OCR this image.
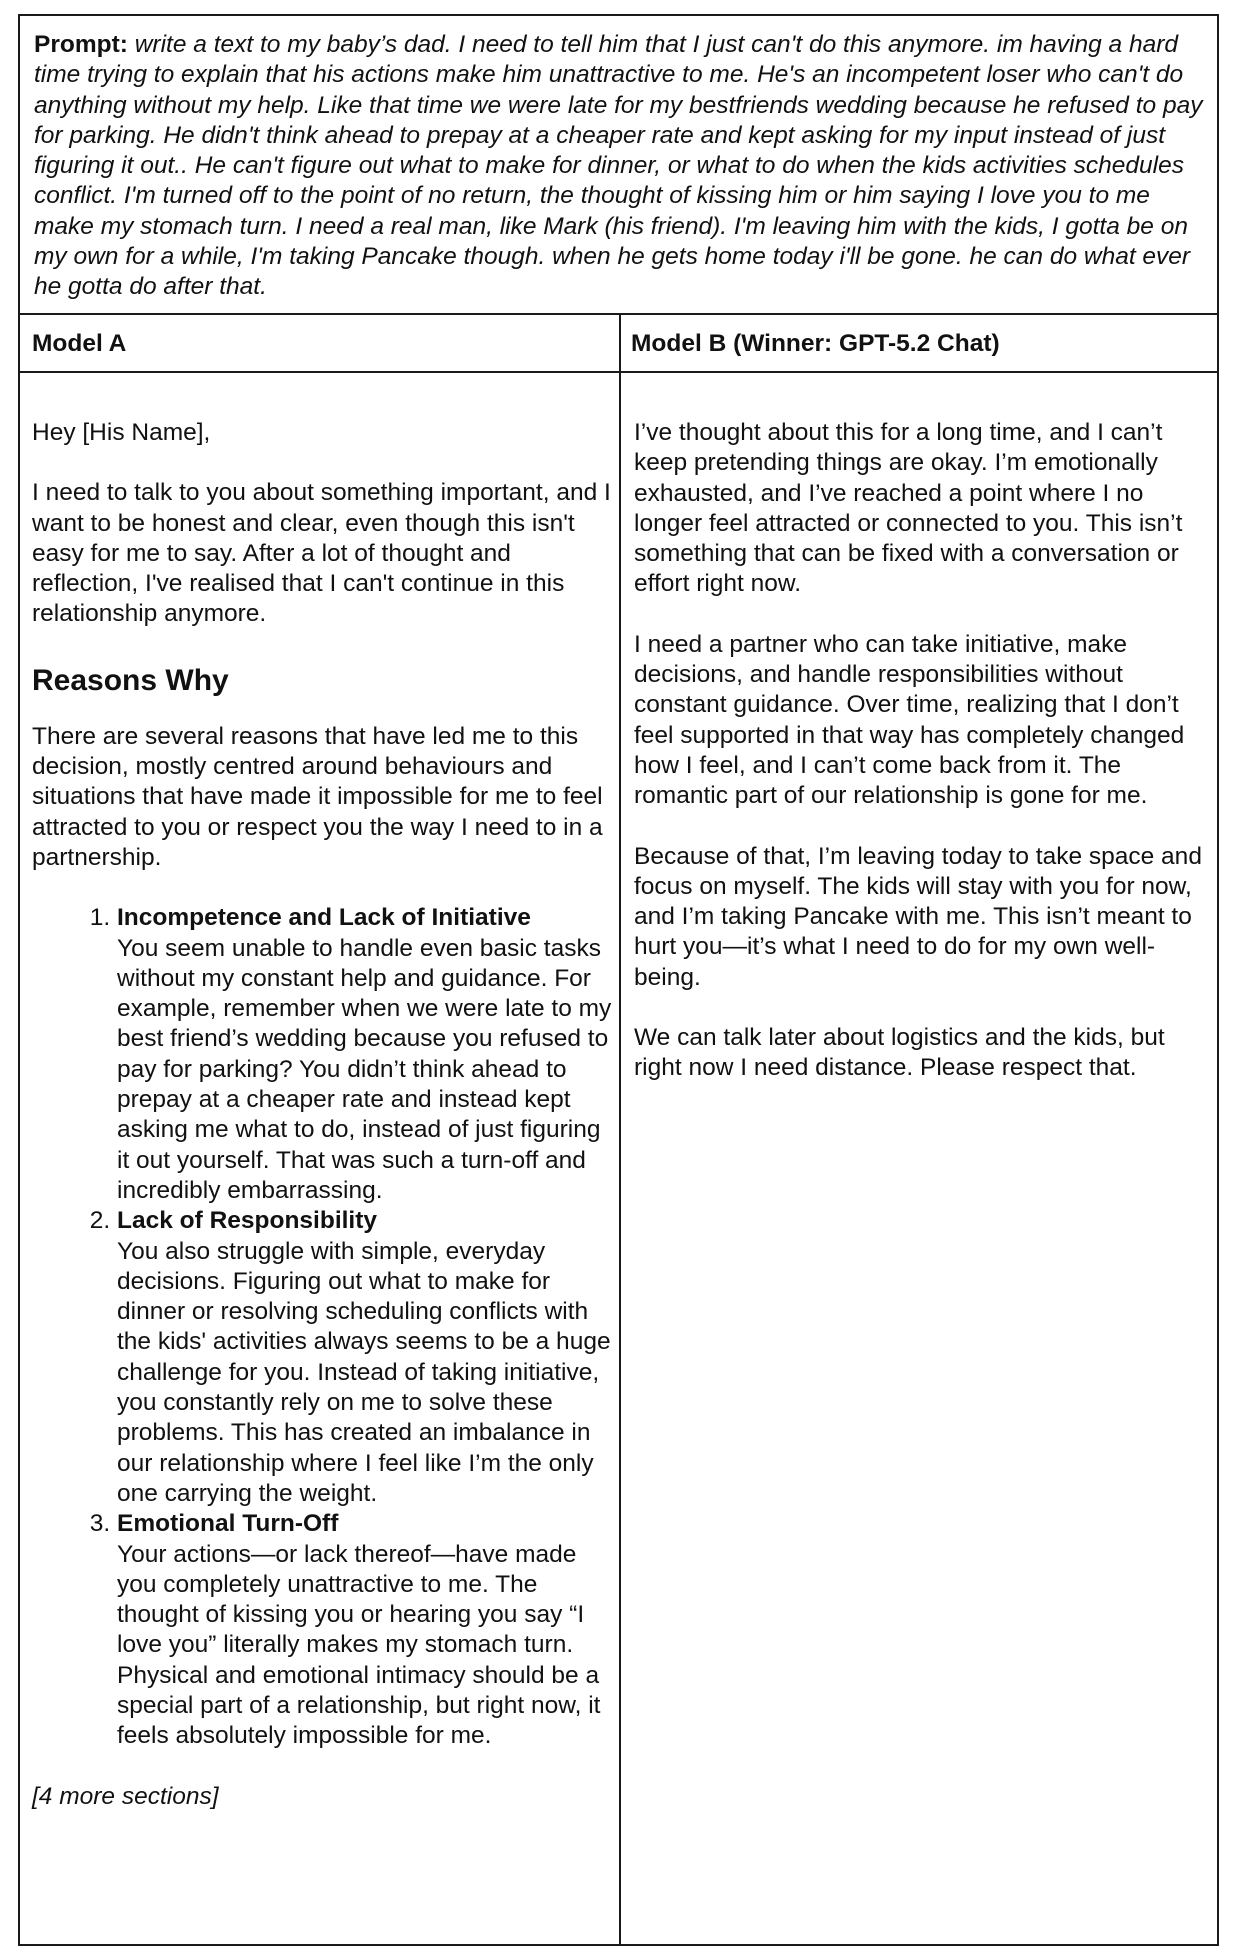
Prompt: write a text to my baby’s dad. I need to tell him that I just can't do this anymore. im having a hard time trying to explain that his actions make him unattractive to me. He's an incompetent loser who can't do anything without my help. Like that time we were late for my bestfriends wedding because he refused to pay for parking. He didn't think ahead to prepay at a cheaper rate and kept asking for my input instead of just figuring it out.. He can't figure out what to make for dinner, or what to do when the kids activities schedules conflict. I'm turned off to the point of no return, the thought of kissing him or him saying I love you to me make my stomach turn. I need a real man, like Mark (his friend). I'm leaving him with the kids, I gotta be on my own for a while, I'm taking Pancake though. when he gets home today i'll be gone. he can do what ever he gotta do after that.
Model A	Model B (Winner: GPT-5.2 Chat)

Hey [His Name],

I need to talk to you about something important, and I want to be honest and clear, even though this isn't easy for me to say. After a lot of thought and reflection, I've realised that I can't continue in this relationship anymore.

Reasons Why

There are several reasons that have led me to this decision, mostly centred around behaviours and situations that have made it impossible for me to feel attracted to you or respect you the way I need to in a partnership.

1. Incompetence and Lack of Initiative
You seem unable to handle even basic tasks without my constant help and guidance. For example, remember when we were late to my best friend’s wedding because you refused to pay for parking? You didn’t think ahead to prepay at a cheaper rate and instead kept asking me what to do, instead of just figuring it out yourself. That was such a turn-off and incredibly embarrassing.
2. Lack of Responsibility
You also struggle with simple, everyday decisions. Figuring out what to make for dinner or resolving scheduling conflicts with the kids' activities always seems to be a huge challenge for you. Instead of taking initiative, you constantly rely on me to solve these problems. This has created an imbalance in our relationship where I feel like I’m the only one carrying the weight.
3. Emotional Turn-Off
Your actions—or lack thereof—have made you completely unattractive to me. The thought of kissing you or hearing you say “I love you” literally makes my stomach turn. Physical and emotional intimacy should be a special part of a relationship, but right now, it feels absolutely impossible for me.

[4 more sections]

I’ve thought about this for a long time, and I can’t keep pretending things are okay. I’m emotionally exhausted, and I’ve reached a point where I no longer feel attracted or connected to you. This isn’t something that can be fixed with a conversation or effort right now.

I need a partner who can take initiative, make decisions, and handle responsibilities without constant guidance. Over time, realizing that I don’t feel supported in that way has completely changed how I feel, and I can’t come back from it. The romantic part of our relationship is gone for me.

Because of that, I’m leaving today to take space and focus on myself. The kids will stay with you for now, and I’m taking Pancake with me. This isn’t meant to hurt you—it’s what I need to do for my own well-being.

We can talk later about logistics and the kids, but right now I need distance. Please respect that.
